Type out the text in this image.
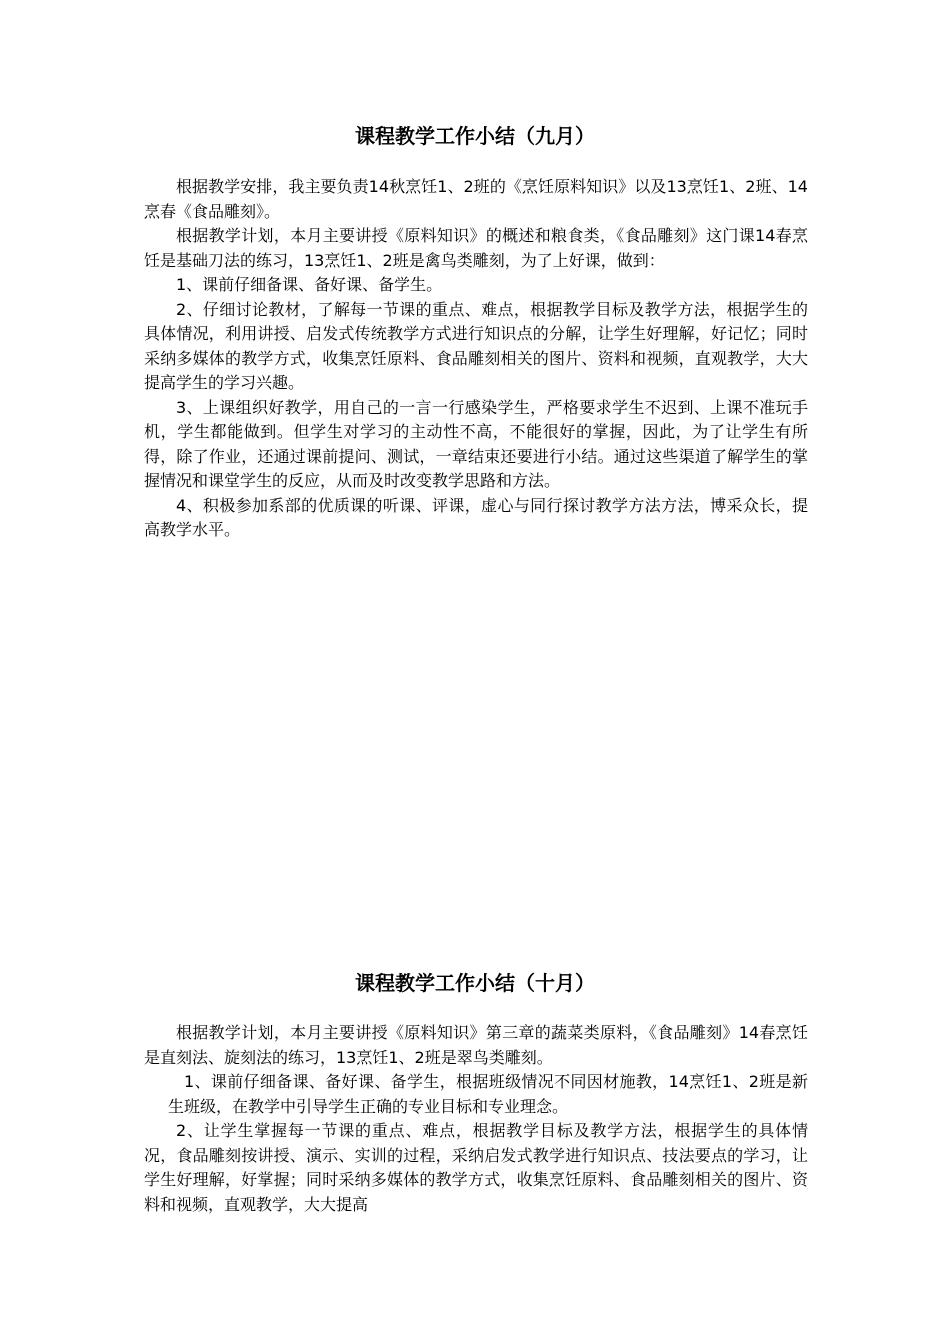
课程教学工作小结（九月）

根据教学安排，我主要负责14秋烹饪1、2班的《烹饪原料知识》以及13烹饪1、2班、14烹春《食品雕刻》。

根据教学计划，本月主要讲授《原料知识》的概述和粮食类，《食品雕刻》这门课14春烹饪是基础刀法的练习，13烹饪1、2班是禽鸟类雕刻，为了上好课，做到：

1、课前仔细备课、备好课、备学生。

2、仔细讨论教材，了解每一节课的重点、难点，根据教学目标及教学方法，根据学生的具体情况，利用讲授、启发式传统教学方式进行知识点的分解，让学生好理解，好记忆；同时采纳多媒体的教学方式，收集烹饪原料、食品雕刻相关的图片、资料和视频，直观教学，大大提高学生的学习兴趣。

3、上课组织好教学，用自己的一言一行感染学生，严格要求学生不迟到、上课不准玩手机，学生都能做到。但学生对学习的主动性不高，不能很好的掌握，因此，为了让学生有所得，除了作业，还通过课前提问、测试，一章结束还要进行小结。通过这些渠道了解学生的掌握情况和课堂学生的反应，从而及时改变教学思路和方法。

4、积极参加系部的优质课的听课、评课，虚心与同行探讨教学方法方法，博采众长，提高教学水平。

课程教学工作小结（十月）

根据教学计划，本月主要讲授《原料知识》第三章的蔬菜类原料，《食品雕刻》14春烹饪是直刻法、旋刻法的练习，13烹饪1、2班是翠鸟类雕刻。

1、课前仔细备课、备好课、备学生，根据班级情况不同因材施教，14烹饪1、2班是新生班级，在教学中引导学生正确的专业目标和专业理念。

2、让学生掌握每一节课的重点、难点，根据教学目标及教学方法，根据学生的具体情况，食品雕刻按讲授、演示、实训的过程，采纳启发式教学进行知识点、技法要点的学习，让学生好理解，好掌握；同时采纳多媒体的教学方式，收集烹饪原料、食品雕刻相关的图片、资料和视频，直观教学，大大提高
